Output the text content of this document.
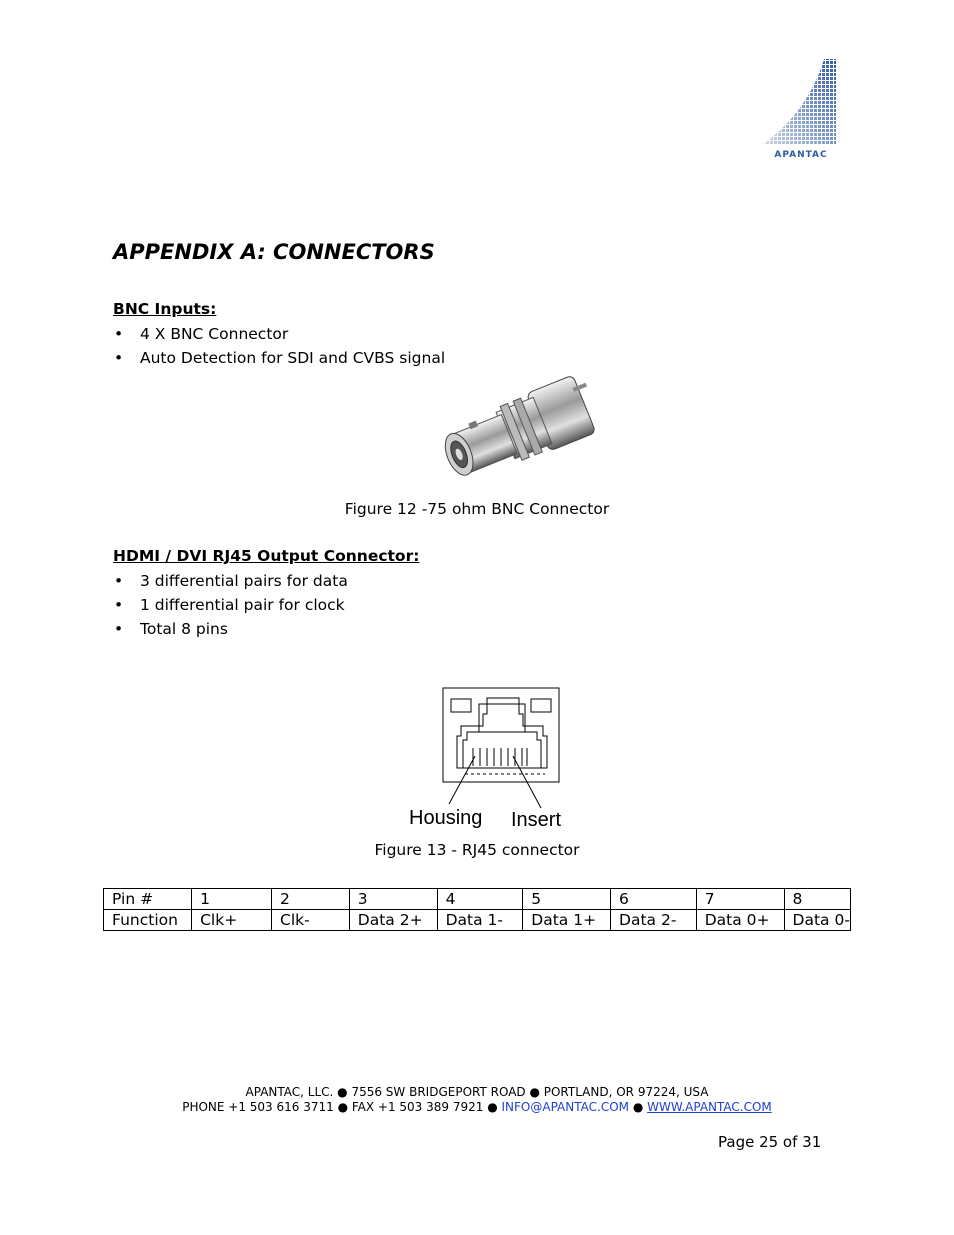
APANTAC
APPENDIX A: CONNECTORS

BNC Inputs:

• 4 X BNC Connector
• Auto Detection for SDI and CVBS signal

Figure 12 -75 ohm BNC Connector

HDMI / DVI RJ45 Output Connector:

• 3 differential pairs for data
• 1 differential pair for clock
• Total 8 pins
Housing Insert

Figure 13 - RJ45 connector

Pin #	1	2	3	4	5	6	7	8
Function	Clk+	Clk-	Data 2+	Data 1-	Data 1+	Data 2-	Data 0+	Data 0-
APANTAC, LLC. ● 7556 SW BRIDGEPORT ROAD ● PORTLAND, OR 97224, USA
PHONE +1 503 616 3711 ● FAX +1 503 389 7921 ● INFO@APANTAC.COM ● WWW.APANTAC.COM
Page 25 of 31
